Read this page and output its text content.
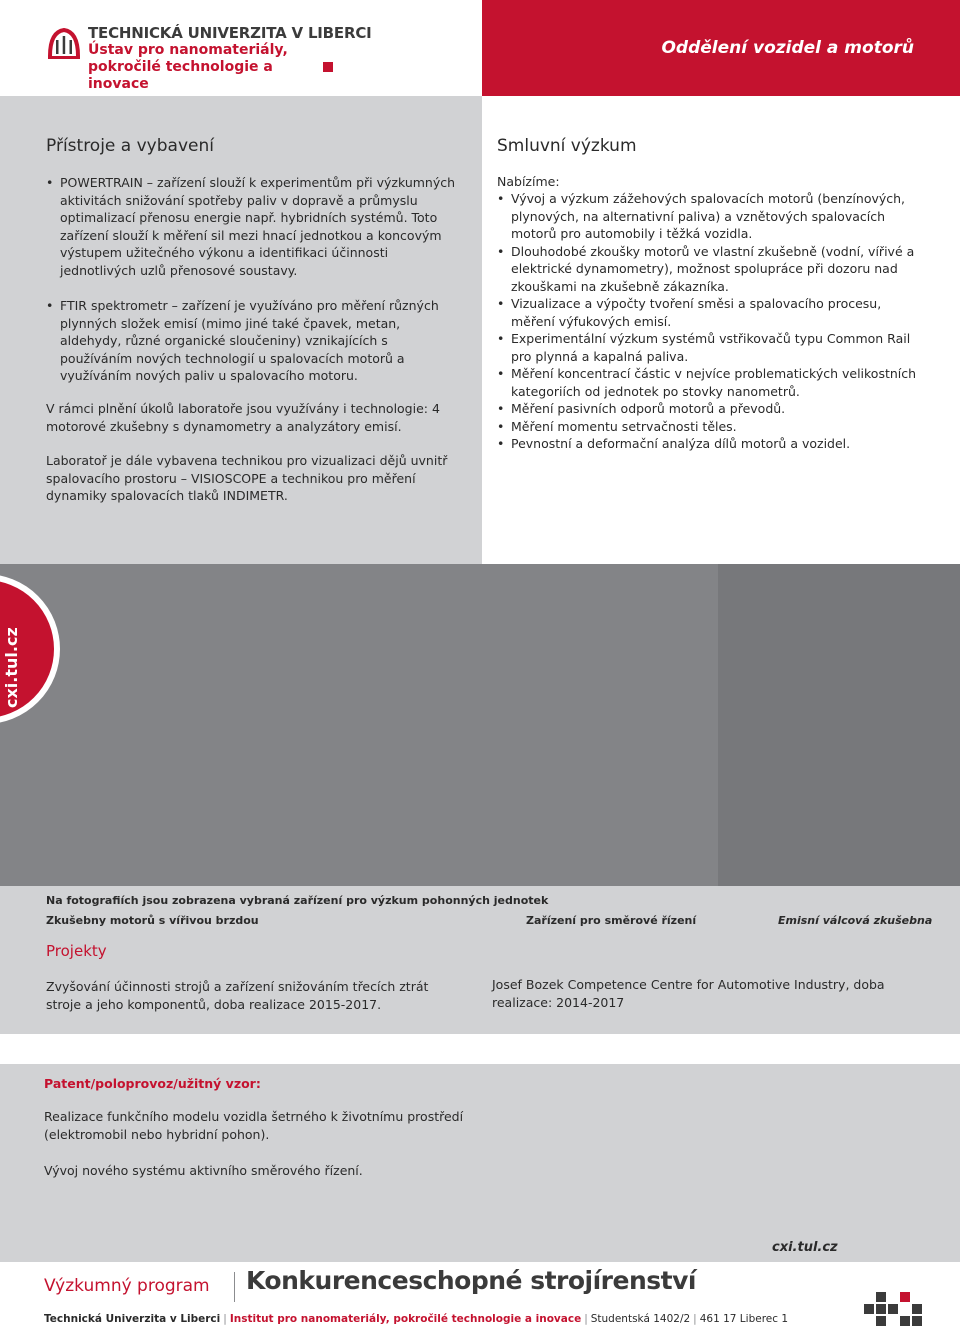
TECHNICKÁ UNIVERZITA V LIBERCI
Ústav pro nanomateriály, pokročilé technologie a inovace
Oddělení vozidel a motorů
Přístroje a vybavení
• POWERTRAIN – zařízení slouží k experimentům při výzkumných aktivitách snižování spotřeby paliv v dopravě a průmyslu optimalizací přenosu energie např. hybridních systémů. Toto zařízení slouží k měření sil mezi hnací jednotkou a koncovým výstupem užitečného výkonu a identifikaci účinnosti jednotlivých uzlů přenosové soustavy.
• FTIR spektrometr – zařízení je využíváno pro měření různých plynných složek emisí (mimo jiné také čpavek, metan, aldehydy, různé organické sloučeniny) vznikajících s používáním nových technologií u spalovacích motorů a využíváním nových paliv u spalovacího motoru.
V rámci plnění úkolů laboratoře jsou využívány i technologie: 4 motorové zkušebny s dynamometry a analyzátory emisí.
Laboratoř je dále vybavena technikou pro vizualizaci dějů uvnitř spalovacího prostoru – VISIOSCOPE a technikou pro měření dynamiky spalovacích tlaků INDIMETR.
Smluvní výzkum
Nabízíme:
• Vývoj a výzkum zážehových spalovacích motorů (benzínových, plynových, na alternativní paliva) a vznětových spalovacích motorů pro automobily i těžká vozidla.
• Dlouhodobé zkoušky motorů ve vlastní zkušebně (vodní, vířivé a elektrické dynamometry), možnost spolupráce při dozoru nad zkouškami na zkušebně zákazníka.
• Vizualizace a výpočty tvoření směsi a spalovacího procesu, měření výfukových emisí.
• Experimentální výzkum systémů vstřikovačů typu Common Rail pro plynná a kapalná paliva.
• Měření koncentrací částic v nejvíce problematických velikostních kategoriích od jednotek po stovky nanometrů.
• Měření pasivních odporů motorů a převodů.
• Měření momentu setrvačnosti těles.
• Pevnostní a deformační analýza dílů motorů a vozidel.
cxi.tul.cz
Na fotografiích jsou zobrazena vybraná zařízení pro výzkum pohonných jednotek
Zkušebny motorů s vířivou brzdou	Zařízení pro směrové řízení	Emisní válcová zkušebna
Projekty
Zvyšování účinnosti strojů a zařízení snižováním třecích ztrát stroje a jeho komponentů, doba realizace 2015-2017.
Josef Bozek Competence Centre for Automotive Industry, doba realizace: 2014-2017
Patent/poloprovoz/užitný vzor:
Realizace funkčního modelu vozidla šetrného k životnímu prostředí (elektromobil nebo hybridní pohon).
Vývoj nového systému aktivního směrového řízení.
cxi.tul.cz
Výzkumný program Konkurenceschopné strojírenství
Technická Univerzita v Liberci | Institut pro nanomateriály, pokročilé technologie a inovace | Studentská 1402/2 | 461 17 Liberec 1
